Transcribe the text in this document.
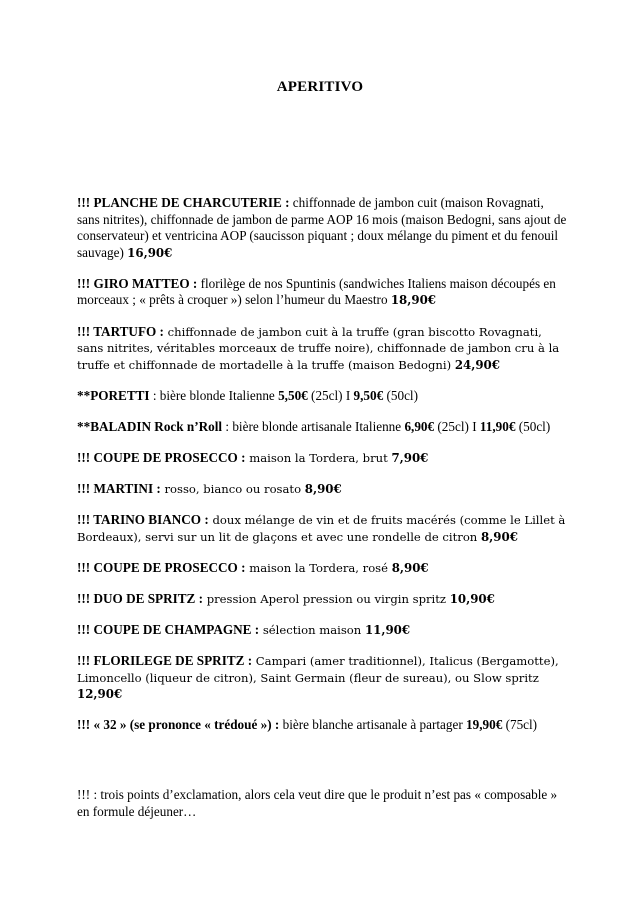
APERITIVO

!!! PLANCHE DE CHARCUTERIE : chiffonnade de jambon cuit (maison Rovagnati, sans nitrites), chiffonnade de jambon de parme AOP 16 mois (maison Bedogni, sans ajout de conservateur) et ventricina AOP (saucisson piquant ; doux mélange du piment et du fenouil sauvage) 16,90€

!!! GIRO MATTEO : florilège de nos Spuntinis (sandwiches Italiens maison découpés en morceaux ; « prêts à croquer ») selon l’humeur du Maestro 18,90€

!!! TARTUFO : chiffonnade de jambon cuit à la truffe (gran biscotto Rovagnati, sans nitrites, véritables morceaux de truffe noire), chiffonnade de jambon cru à la truffe et chiffonnade de mortadelle à la truffe (maison Bedogni) 24,90€

**PORETTI : bière blonde Italienne 5,50€ (25cl) I 9,50€ (50cl)

**BALADIN Rock n’Roll : bière blonde artisanale Italienne 6,90€ (25cl) I 11,90€ (50cl)

!!! COUPE DE PROSECCO : maison la Tordera, brut 7,90€

!!! MARTINI : rosso, bianco ou rosato 8,90€

!!! TARINO BIANCO : doux mélange de vin et de fruits macérés (comme le Lillet à Bordeaux), servi sur un lit de glaçons et avec une rondelle de citron 8,90€

!!! COUPE DE PROSECCO : maison la Tordera, rosé 8,90€

!!! DUO DE SPRITZ : pression Aperol pression ou virgin spritz 10,90€

!!! COUPE DE CHAMPAGNE : sélection maison 11,90€

!!! FLORILEGE DE SPRITZ : Campari (amer traditionnel), Italicus (Bergamotte), Limoncello (liqueur de citron), Saint Germain (fleur de sureau), ou Slow spritz 12,90€

!!! « 32 » (se prononce « trédoué ») : bière blanche artisanale à partager 19,90€ (75cl)

!!! : trois points d’exclamation, alors cela veut dire que le produit n’est pas « composable » en formule déjeuner…
